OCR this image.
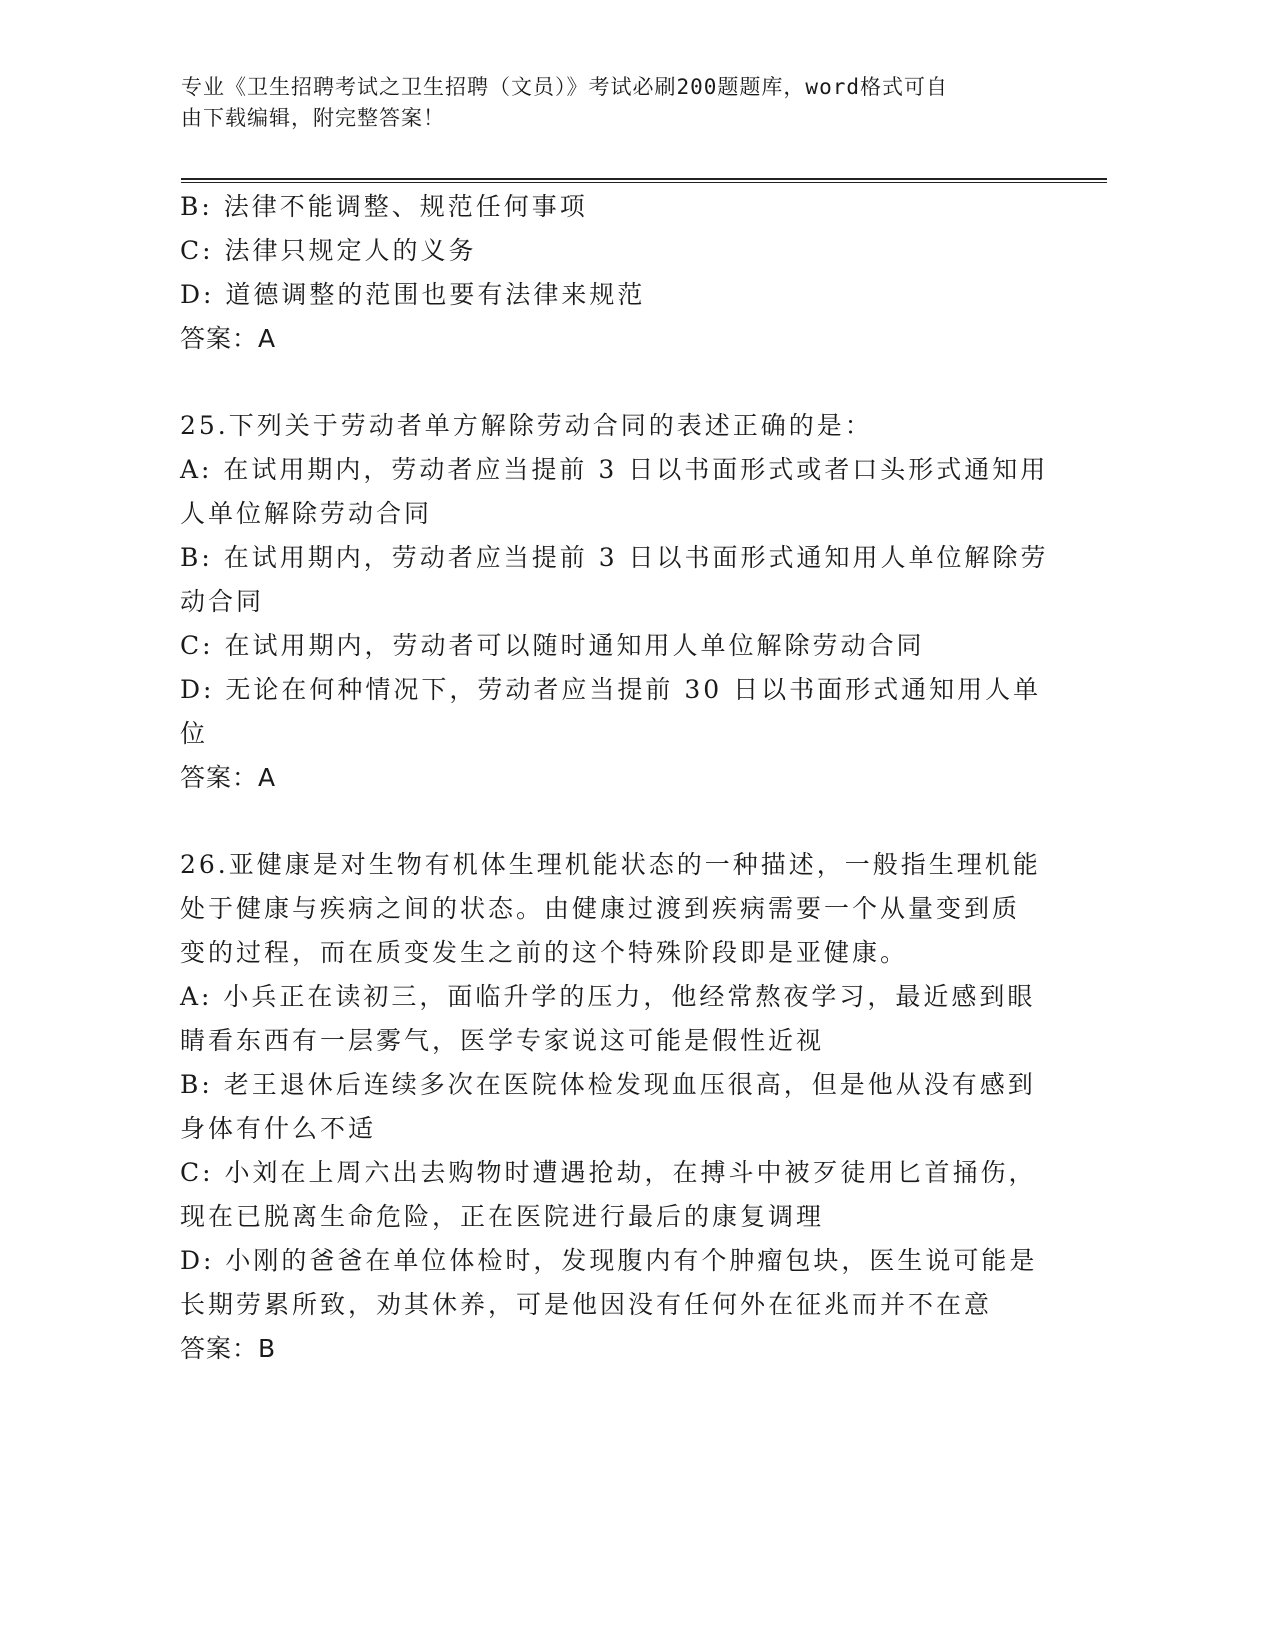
专业《卫生招聘考试之卫生招聘（文员）》考试必刷200题题库，word格式可自
由下载编辑，附完整答案！
B: 法律不能调整、规范任何事项
C: 法律只规定人的义务
D: 道德调整的范围也要有法律来规范
答案：A
25.下列关于劳动者单方解除劳动合同的表述正确的是：
A: 在试用期内，劳动者应当提前 3 日以书面形式或者口头形式通知用
人单位解除劳动合同
B: 在试用期内，劳动者应当提前 3 日以书面形式通知用人单位解除劳
动合同
C: 在试用期内，劳动者可以随时通知用人单位解除劳动合同
D: 无论在何种情况下，劳动者应当提前 30 日以书面形式通知用人单
位
答案：A
26.亚健康是对生物有机体生理机能状态的一种描述，一般指生理机能
处于健康与疾病之间的状态。由健康过渡到疾病需要一个从量变到质
变的过程，而在质变发生之前的这个特殊阶段即是亚健康。
A: 小兵正在读初三，面临升学的压力，他经常熬夜学习，最近感到眼
睛看东西有一层雾气，医学专家说这可能是假性近视
B: 老王退休后连续多次在医院体检发现血压很高，但是他从没有感到
身体有什么不适
C: 小刘在上周六出去购物时遭遇抢劫，在搏斗中被歹徒用匕首捅伤，
现在已脱离生命危险，正在医院进行最后的康复调理
D: 小刚的爸爸在单位体检时，发现腹内有个肿瘤包块，医生说可能是
长期劳累所致，劝其休养，可是他因没有任何外在征兆而并不在意
答案：B
